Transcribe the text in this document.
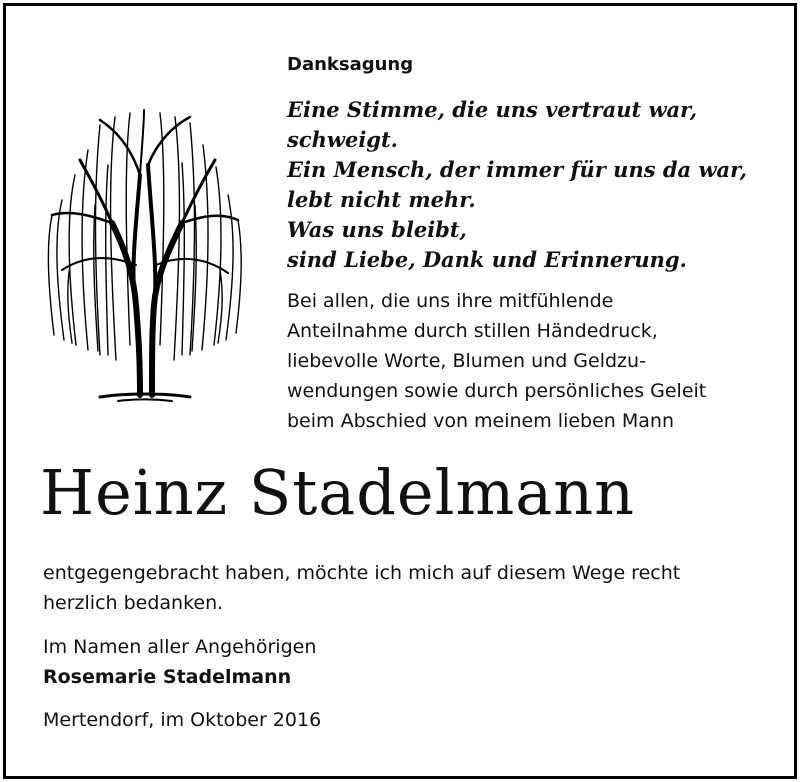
Danksagung
Eine Stimme, die uns vertraut war,
schweigt.
Ein Mensch, der immer für uns da war,
lebt nicht mehr.
Was uns bleibt,
sind Liebe, Dank und Erinnerung.
Bei allen, die uns ihre mitfühlende
Anteilnahme durch stillen Händedruck,
liebevolle Worte, Blumen und Geldzu-
wendungen sowie durch persönliches Geleit
beim Abschied von meinem lieben Mann
Heinz Stadelmann
entgegengebracht haben, möchte ich mich auf diesem Wege recht
herzlich bedanken.
Im Namen aller Angehörigen
Rosemarie Stadelmann
Mertendorf, im Oktober 2016
